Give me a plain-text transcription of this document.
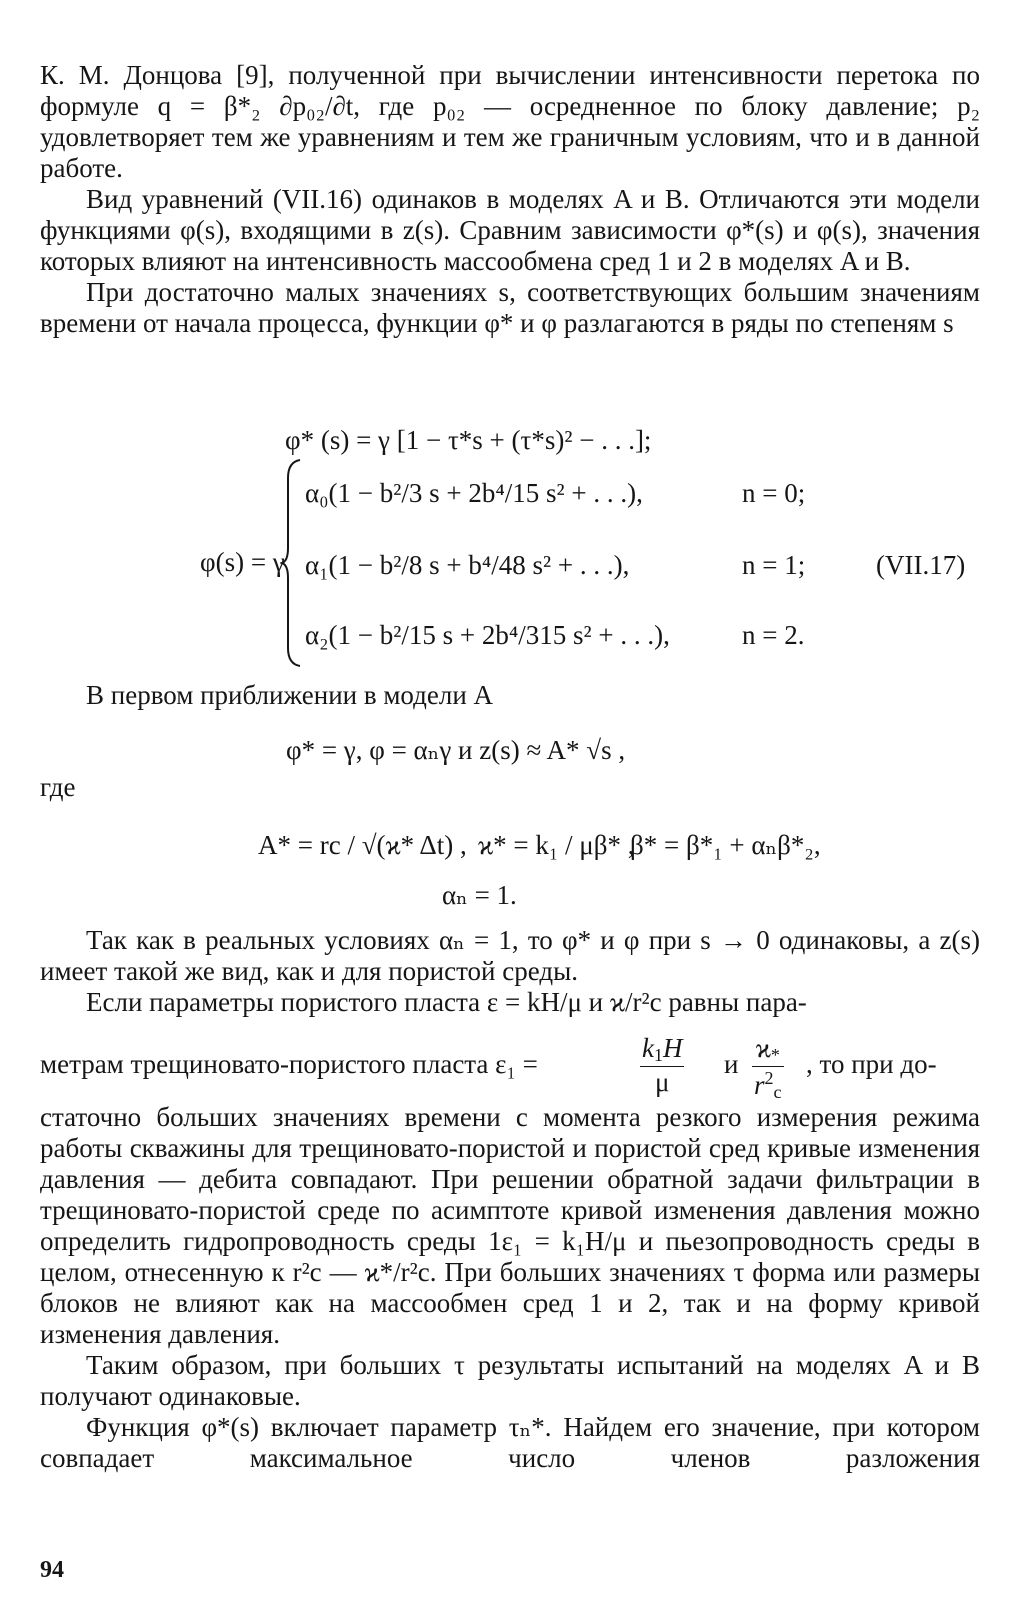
К. М. Донцова [9], полученной при вычислении интенсивности перетока по формуле q = β*₂ ∂p₀₂/∂t, где p₀₂ — осредненное по блоку давление; p₂ удовлетворяет тем же уравнениям и тем же граничным условиям, что и в данной работе.

Вид уравнений (VII.16) одинаков в моделях A и B. Отличаются эти модели функциями φ(s), входящими в z(s). Сравним зависимости φ*(s) и φ(s), значения которых влияют на интенсивность массообмена сред 1 и 2 в моделях A и B.

При достаточно малых значениях s, соответствующих большим значениям времени от начала процесса, функции φ* и φ разлагаются в ряды по степеням s

φ* (s) = γ [1 − τ*s + (τ*s)² − . . .];
φ(s) = γ
α₀(1 − b²/3 s + 2b⁴/15 s² + . . .),	n = 0;
α₁(1 − b²/8 s + b⁴/48 s² + . . .),	n = 1;	(VII.17)
α₂(1 − b²/15 s + 2b⁴/315 s² + . . .),	n = 2.
В первом приближении в модели A
φ* = γ, φ = αₙγ и z(s) ≈ A* √s ,
где
A* = rс / √(ϰ* Δt) , ϰ* = k₁ / μβ* ,
β* = β*₁ + αₙβ*₂,
αₙ = 1.

Так как в реальных условиях αₙ = 1, то φ* и φ при s → 0 одинаковы, а z(s) имеет такой же вид, как и для пористой среды.

Если параметры пористого пласта ε = kH/μ и ϰ/r²с равны пара-

метрам трещиновато-пористого пласта ε₁ =	$\frac{k_1H}{\mu}$ и $\frac{ϰ_*}{r^2_с}$ , то при до-

статочно больших значениях времени с момента резкого измерения режима работы скважины для трещиновато-пористой и пористой сред кривые изменения давления — дебита совпадают. При решении обратной задачи фильтрации в трещиновато-пористой среде по асимптоте кривой изменения давления можно определить гидропроводность среды 1ε₁ = k₁H/μ и пьезопроводность среды в целом, отнесенную к r²с — ϰ*/r²с. При больших значениях τ форма или размеры блоков не влияют как на массообмен сред 1 и 2, так и на форму кривой изменения давления.

Таким образом, при больших τ результаты испытаний на моделях A и B получают одинаковые.

Функция φ*(s) включает параметр τₙ*. Найдем его значение, при котором совпадает максимальное число членов разложения

94
